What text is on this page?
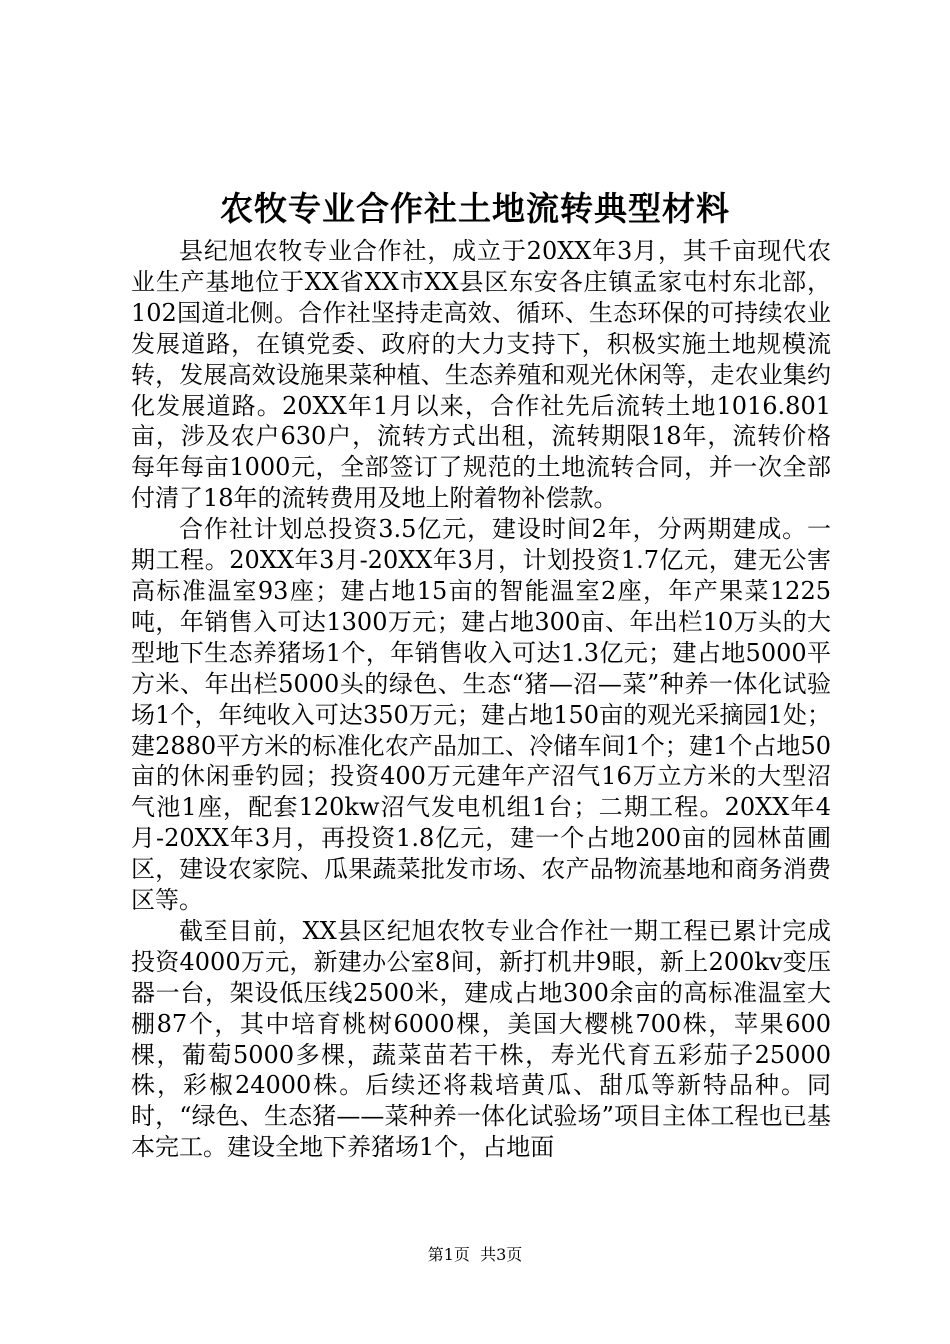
农牧专业合作社土地流转典型材料

县纪旭农牧专业合作社，成立于20XX年3月，其千亩现代农业生产基地位于XX省XX市XX县区东安各庄镇孟家屯村东北部，102国道北侧。合作社坚持走高效、循环、生态环保的可持续农业发展道路，在镇党委、政府的大力支持下，积极实施土地规模流转，发展高效设施果菜种植、生态养殖和观光休闲等，走农业集约化发展道路。20XX年1月以来，合作社先后流转土地1016.801亩，涉及农户630户，流转方式出租，流转期限18年，流转价格每年每亩1000元，全部签订了规范的土地流转合同，并一次全部付清了18年的流转费用及地上附着物补偿款。

合作社计划总投资3.5亿元，建设时间2年，分两期建成。一期工程。20XX年3月-20XX年3月，计划投资1.7亿元，建无公害高标准温室93座；建占地15亩的智能温室2座，年产果菜1225吨，年销售入可达1300万元；建占地300亩、年出栏10万头的大型地下生态养猪场1个，年销售收入可达1.3亿元；建占地5000平方米、年出栏5000头的绿色、生态“猪—沼—菜”种养一体化试验场1个，年纯收入可达350万元；建占地150亩的观光采摘园1处；建2880平方米的标准化农产品加工、冷储车间1个；建1个占地50亩的休闲垂钓园；投资400万元建年产沼气16万立方米的大型沼气池1座，配套120kw沼气发电机组1台；二期工程。20XX年4月-20XX年3月，再投资1.8亿元，建一个占地200亩的园林苗圃区，建设农家院、瓜果蔬菜批发市场、农产品物流基地和商务消费区等。

截至目前，XX县区纪旭农牧专业合作社一期工程已累计完成投资4000万元，新建办公室8间，新打机井9眼，新上200kv变压器一台，架设低压线2500米，建成占地300余亩的高标准温室大棚87个，其中培育桃树6000棵，美国大樱桃700株，苹果600棵，葡萄5000多棵，蔬菜苗若干株，寿光代育五彩茄子25000株，彩椒24000株。后续还将栽培黄瓜、甜瓜等新特品种。同时，“绿色、生态猪——菜种养一体化试验场”项目主体工程也已基本完工。建设全地下养猪场1个，占地面

第1页 共3页
